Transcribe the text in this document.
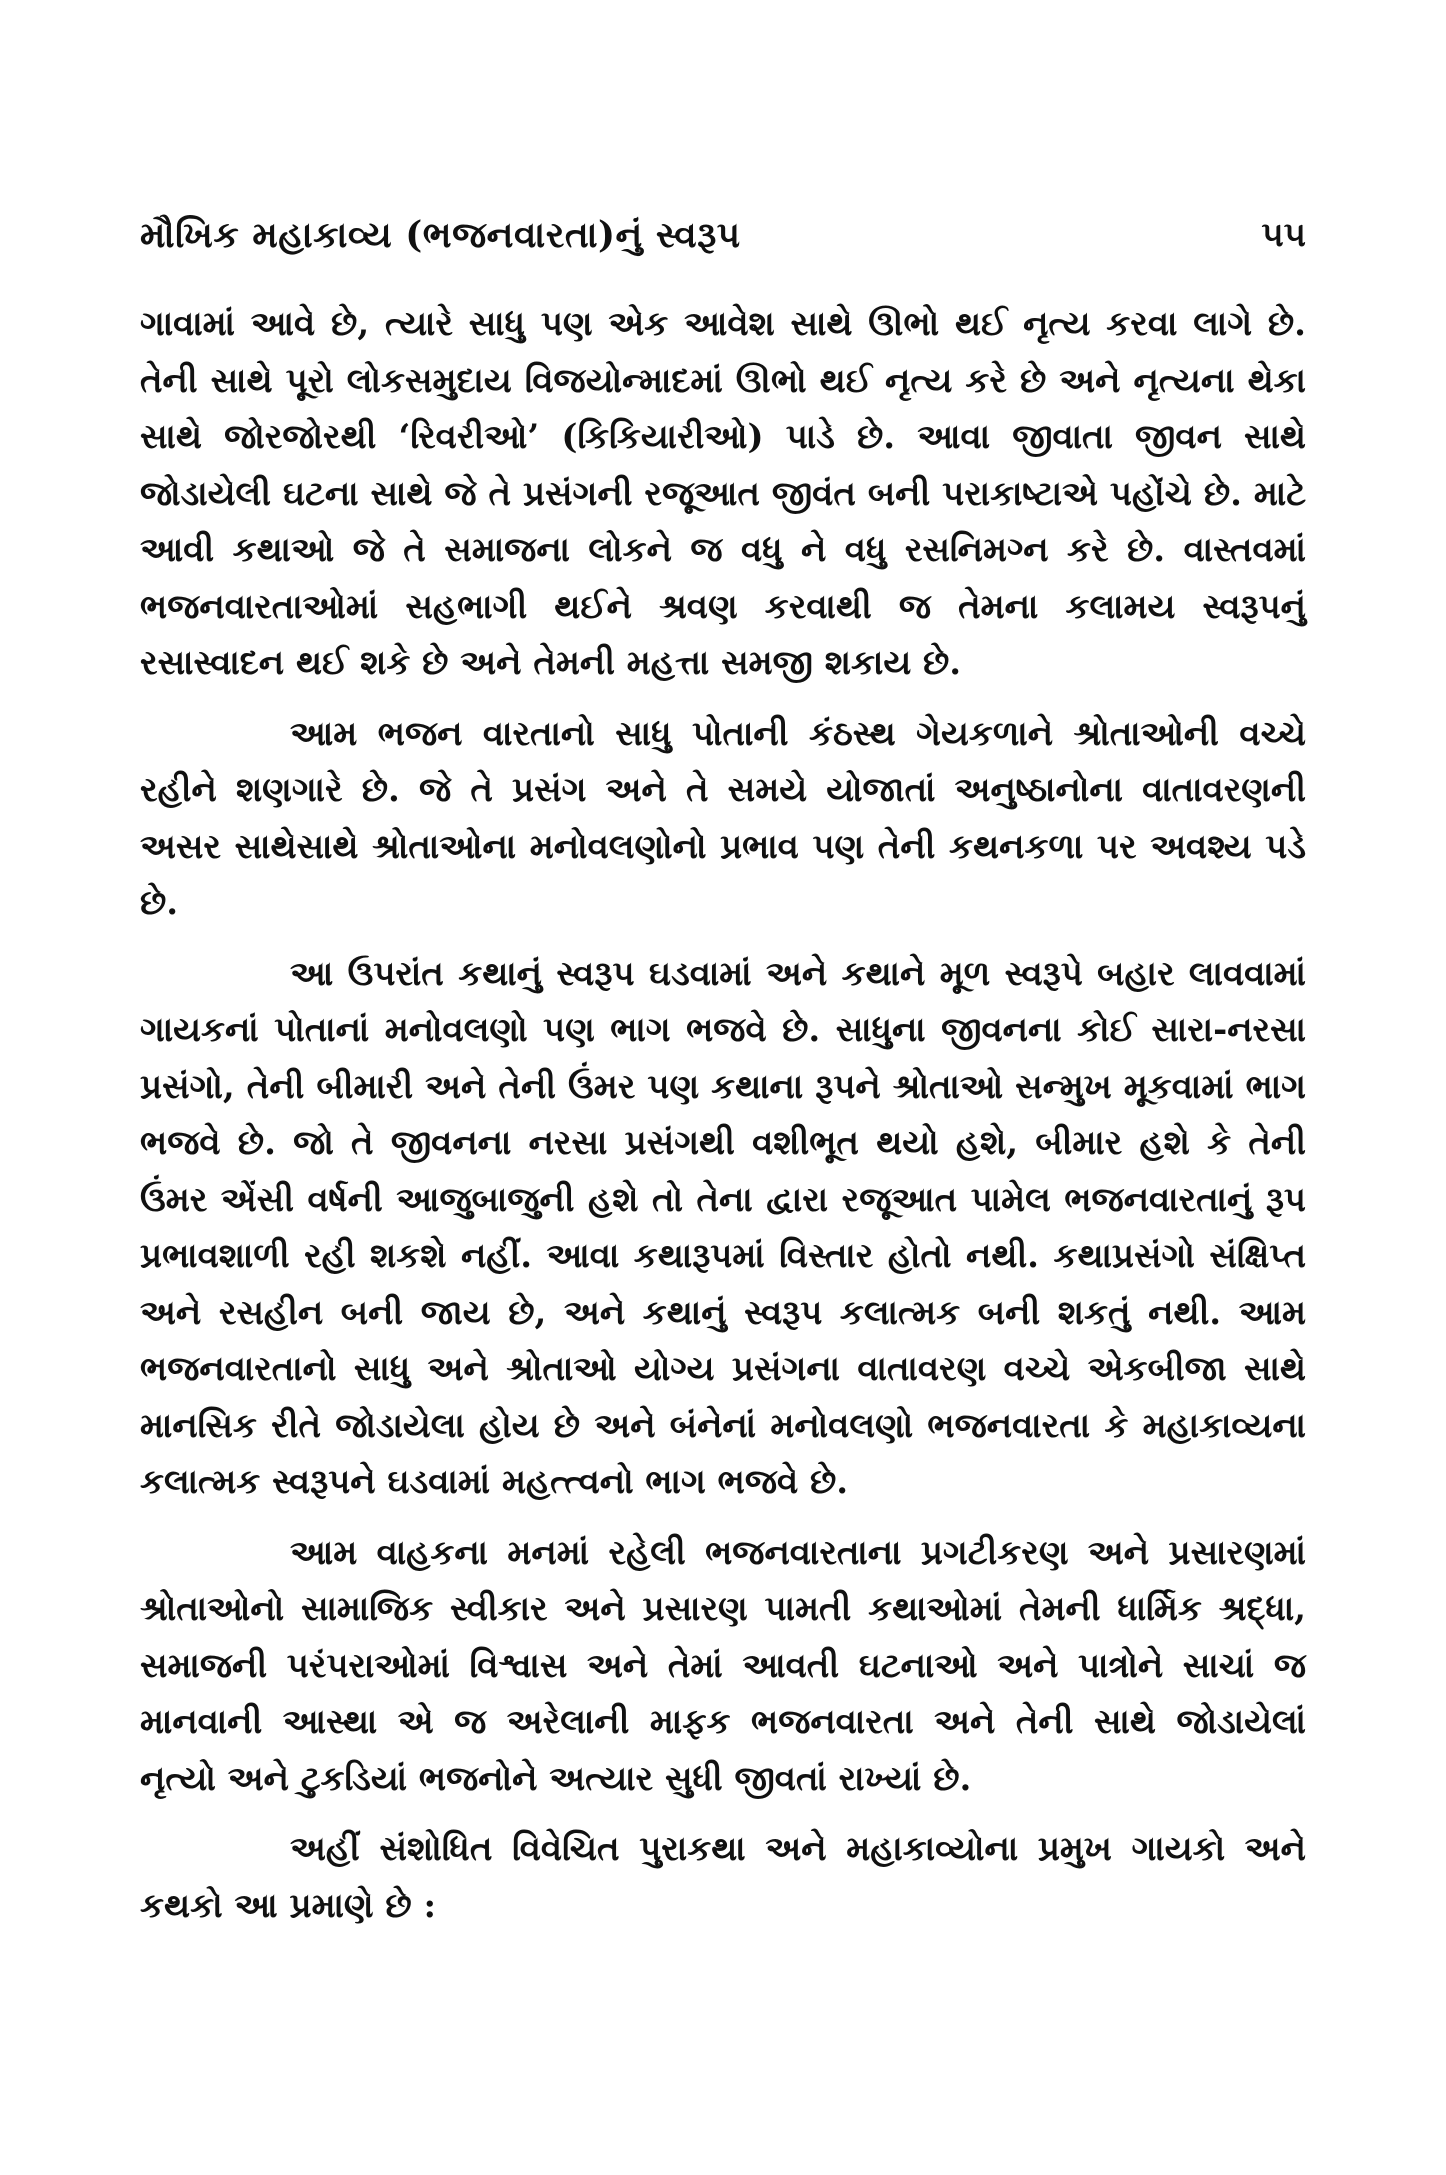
મૌખિક મહાકાવ્ય (ભજનવારતા)નું સ્વરૂપ	૫૫

ગાવામાં આવે છે, ત્યારે સાધુ પણ એક આવેશ સાથે ઊભો થઈ નૃત્ય કરવા લાગે છે. તેની સાથે પૂરો લોકસમુદાય વિજયોન્માદમાં ઊભો થઈ નૃત્ય કરે છે અને નૃત્યના થેકા સાથે જોરજોરથી ‘રિવરીઓ’ (કિકિયારીઓ) પાડે છે. આવા જીવાતા જીવન સાથે જોડાયેલી ઘટના સાથે જે તે પ્રસંગની રજૂઆત જીવંત બની પરાકાષ્ટાએ પહોંચે છે. માટે આવી કથાઓ જે તે સમાજના લોકને જ વધુ ને વધુ રસનિમગ્ન કરે છે. વાસ્તવમાં ભજનવારતાઓમાં સહભાગી થઈને શ્રવણ કરવાથી જ તેમના કલામય સ્વરૂપનું રસાસ્વાદન થઈ શકે છે અને તેમની મહત્તા સમજી શકાય છે.

આમ ભજન વારતાનો સાધુ પોતાની કંઠસ્થ ગેયકળાને શ્રોતાઓની વચ્ચે રહીને શણગારે છે. જે તે પ્રસંગ અને તે સમયે યોજાતાં અનુષ્ઠાનોના વાતાવરણની અસર સાથેસાથે શ્રોતાઓના મનોવલણોનો પ્રભાવ પણ તેની કથનકળા પર અવશ્ય પડે છે.

આ ઉપરાંત કથાનું સ્વરૂપ ઘડવામાં અને કથાને મૂળ સ્વરૂપે બહાર લાવવામાં ગાયકનાં પોતાનાં મનોવલણો પણ ભાગ ભજવે છે. સાધુના જીવનના કોઈ સારા-નરસા પ્રસંગો, તેની બીમારી અને તેની ઉંમર પણ કથાના રૂપને શ્રોતાઓ સન્મુખ મૂકવામાં ભાગ ભજવે છે. જો તે જીવનના નરસા પ્રસંગથી વશીભૂત થયો હશે, બીમાર હશે કે તેની ઉંમર એંસી વર્ષની આજુબાજુની હશે તો તેના દ્વારા રજૂઆત પામેલ ભજનવારતાનું રૂપ પ્રભાવશાળી રહી શકશે નહીં. આવા કથારૂપમાં વિસ્તાર હોતો નથી. કથાપ્રસંગો સંક્ષિપ્ત અને રસહીન બની જાય છે, અને કથાનું સ્વરૂપ કલાત્મક બની શકતું નથી. આમ ભજનવારતાનો સાધુ અને શ્રોતાઓ યોગ્ય પ્રસંગના વાતાવરણ વચ્ચે એકબીજા સાથે માનસિક રીતે જોડાયેલા હોય છે અને બંનેનાં મનોવલણો ભજનવારતા કે મહાકાવ્યના કલાત્મક સ્વરૂપને ઘડવામાં મહત્ત્વનો ભાગ ભજવે છે.

આમ વાહકના મનમાં રહેલી ભજનવારતાના પ્રગટીકરણ અને પ્રસારણમાં શ્રોતાઓનો સામાજિક સ્વીકાર અને પ્રસારણ પામતી કથાઓમાં તેમની ધાર્મિક શ્રદ્ધા, સમાજની પરંપરાઓમાં વિશ્વાસ અને તેમાં આવતી ઘટનાઓ અને પાત્રોને સાચાં જ માનવાની આસ્થા એ જ અરેલાની માફક ભજનવારતા અને તેની સાથે જોડાયેલાં નૃત્યો અને ટુકડિયાં ભજનોને અત્યાર સુધી જીવતાં રાખ્યાં છે.

અહીં સંશોધિત વિવેચિત પુરાકથા અને મહાકાવ્યોના પ્રમુખ ગાયકો અને કથકો આ પ્રમાણે છે :
